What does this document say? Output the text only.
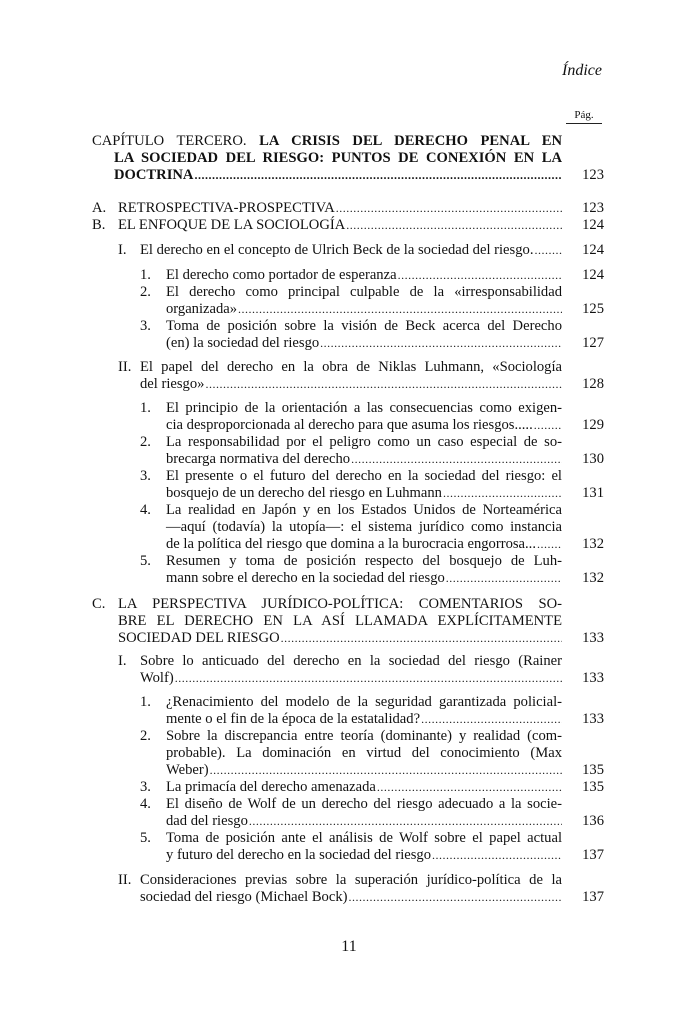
Índice
Pág.
CAPÍTULO TERCERO. LA CRISIS DEL DERECHO PENAL EN
LA SOCIEDAD DEL RIESGO: PUNTOS DE CONEXIÓN EN LA
DOCTRINA .....	123
A. RETROSPECTIVA-PROSPECTIVA .....	123
B. EL ENFOQUE DE LA SOCIOLOGÍA .....	124
I. El derecho en el concepto de Ulrich Beck de la sociedad del riesgo. .....	124
1. El derecho como portador de esperanza .....	124
2. El derecho como principal culpable de la «irresponsabilidad
organizada» .....	125
3. Toma de posición sobre la visión de Beck acerca del Derecho
(en) la sociedad del riesgo .....	127
II. El papel del derecho en la obra de Niklas Luhmann, «Sociología
del riesgo» .....	128
1. El principio de la orientación a las consecuencias como exigen-
cia desproporcionada al derecho para que asuma los riesgos..... .....	129
2. La responsabilidad por el peligro como un caso especial de so-
brecarga normativa del derecho .....	130
3. El presente o el futuro del derecho en la sociedad del riesgo: el
bosquejo de un derecho del riesgo en Luhmann .....	131
4. La realidad en Japón y en los Estados Unidos de Norteamérica
—aquí (todavía) la utopía—: el sistema jurídico como instancia
de la política del riesgo que domina a la burocracia engorrosa... .....	132
5. Resumen y toma de posición respecto del bosquejo de Luh-
mann sobre el derecho en la sociedad del riesgo .....	132
C. LA PERSPECTIVA JURÍDICO-POLÍTICA: COMENTARIOS SO-
BRE EL DERECHO EN LA ASÍ LLAMADA EXPLÍCITAMENTE
SOCIEDAD DEL RIESGO .....	133
I. Sobre lo anticuado del derecho en la sociedad del riesgo (Rainer
Wolf) .....	133
1. ¿Renacimiento del modelo de la seguridad garantizada policial-
mente o el fin de la época de la estatalidad? .....	133
2. Sobre la discrepancia entre teoría (dominante) y realidad (com-
probable). La dominación en virtud del conocimiento (Max
Weber) .....	135
3. La primacía del derecho amenazada .....	135
4. El diseño de Wolf de un derecho del riesgo adecuado a la socie-
dad del riesgo .....	136
5. Toma de posición ante el análisis de Wolf sobre el papel actual
y futuro del derecho en la sociedad del riesgo .....	137
II. Consideraciones previas sobre la superación jurídico-política de la
sociedad del riesgo (Michael Bock) .....	137
11
